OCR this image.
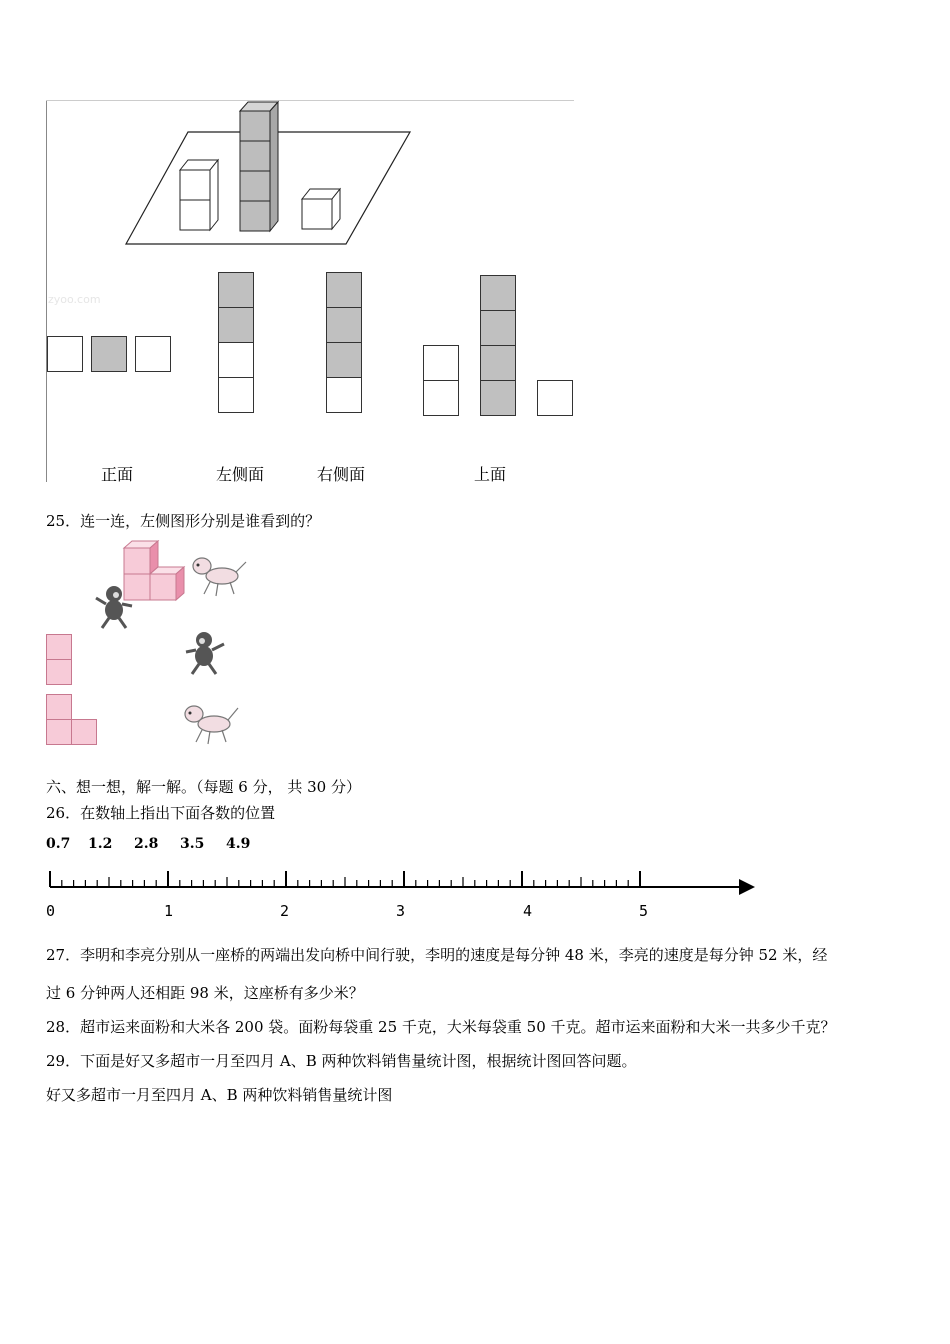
zyoo.com
正面	左侧面	右侧面	上面
25．连一连，左侧图形分别是谁看到的？
六、想一想，解一解。（每题 6 分， 共 30 分）
26．在数轴上指出下面各数的位置
0.7 1.2 2.8 3.5 4.9
0	1	2	3	4	5
27．李明和李亮分别从一座桥的两端出发向桥中间行驶，李明的速度是每分钟 48 米，李亮的速度是每分钟 52 米，经
过 6 分钟两人还相距 98 米，这座桥有多少米？
28．超市运来面粉和大米各 200 袋。面粉每袋重 25 千克，大米每袋重 50 千克。超市运来面粉和大米一共多少千克？
29．下面是好又多超市一月至四月 A、B 两种饮料销售量统计图，根据统计图回答问题。
好又多超市一月至四月 A、B 两种饮料销售量统计图
